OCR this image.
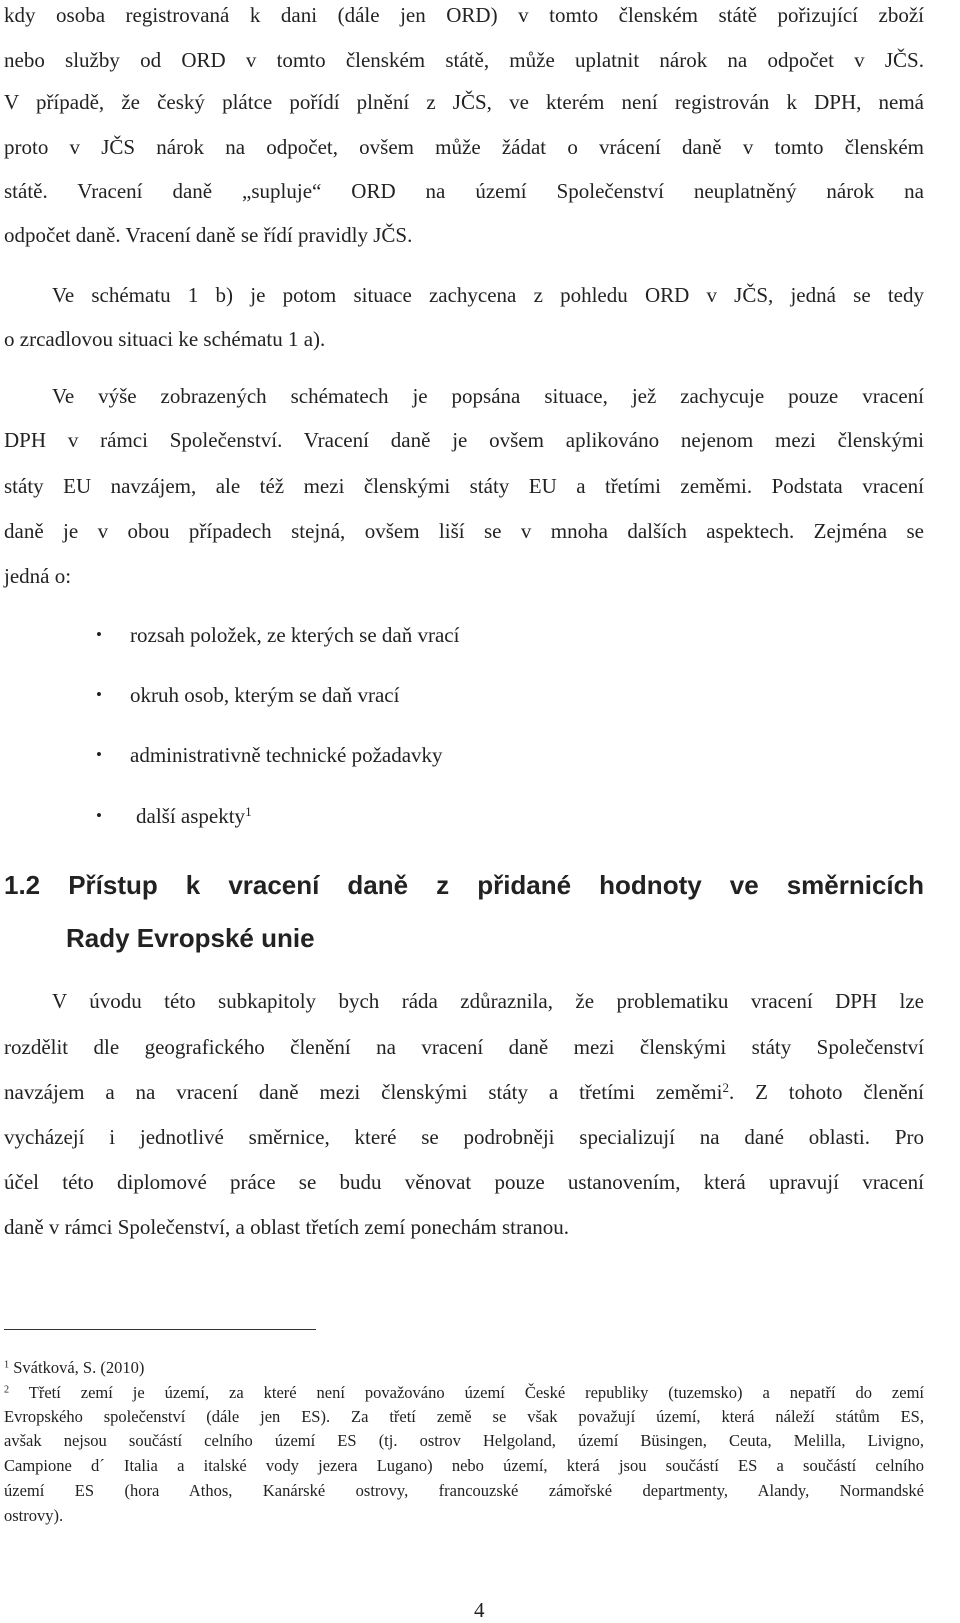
kdy osoba registrovaná k dani (dále jen ORD) v tomto členském státě pořizující zboží
nebo služby od ORD v tomto členském státě, může uplatnit nárok na odpočet v JČS.
V případě, že český plátce pořídí plnění z JČS, ve kterém není registrován k DPH, nemá
proto v JČS nárok na odpočet, ovšem může žádat o vrácení daně v tomto členském
státě. Vracení daně „supluje“ ORD na území Společenství neuplatněný nárok na
odpočet daně. Vracení daně se řídí pravidly JČS.
Ve schématu 1 b) je potom situace zachycena z pohledu ORD v JČS, jedná se tedy
o zrcadlovou situaci ke schématu 1 a).
Ve výše zobrazených schématech je popsána situace, jež zachycuje pouze vracení
DPH v rámci Společenství. Vracení daně je ovšem aplikováno nejenom mezi členskými
státy EU navzájem, ale též mezi členskými státy EU a třetími zeměmi. Podstata vracení
daně je v obou případech stejná, ovšem liší se v mnoha dalších aspektech. Zejména se
jedná o:
• rozsah položek, ze kterých se daň vrací
• okruh osob, kterým se daň vrací
• administrativně technické požadavky
• další aspekty$^1$
1.2 Přístup k vracení daně z přidané hodnoty ve směrnicích
Rady Evropské unie
V úvodu této subkapitoly bych ráda zdůraznila, že problematiku vracení DPH lze
rozdělit dle geografického členění na vracení daně mezi členskými státy Společenství
navzájem a na vracení daně mezi členskými státy a třetími zeměmi$^2$. Z tohoto členění
vycházejí i jednotlivé směrnice, které se podrobněji specializují na dané oblasti. Pro
účel této diplomové práce se budu věnovat pouze ustanovením, která upravují vracení
daně v rámci Společenství, a oblast třetích zemí ponechám stranou.
$^1$ Svátková, S. (2010)
$^2$ Třetí zemí je území, za které není považováno území České republiky (tuzemsko) a nepatří do zemí
Evropského společenství (dále jen ES). Za třetí země se však považují území, která náleží státům ES,
avšak nejsou součástí celního území ES (tj. ostrov Helgoland, území Büsingen, Ceuta, Melilla, Livigno,
Campione d´ Italia a italské vody jezera Lugano) nebo území, která jsou součástí ES a součástí celního
území ES (hora Athos, Kanárské ostrovy, francouzské zámořské departmenty, Alandy, Normandské
ostrovy).
4
